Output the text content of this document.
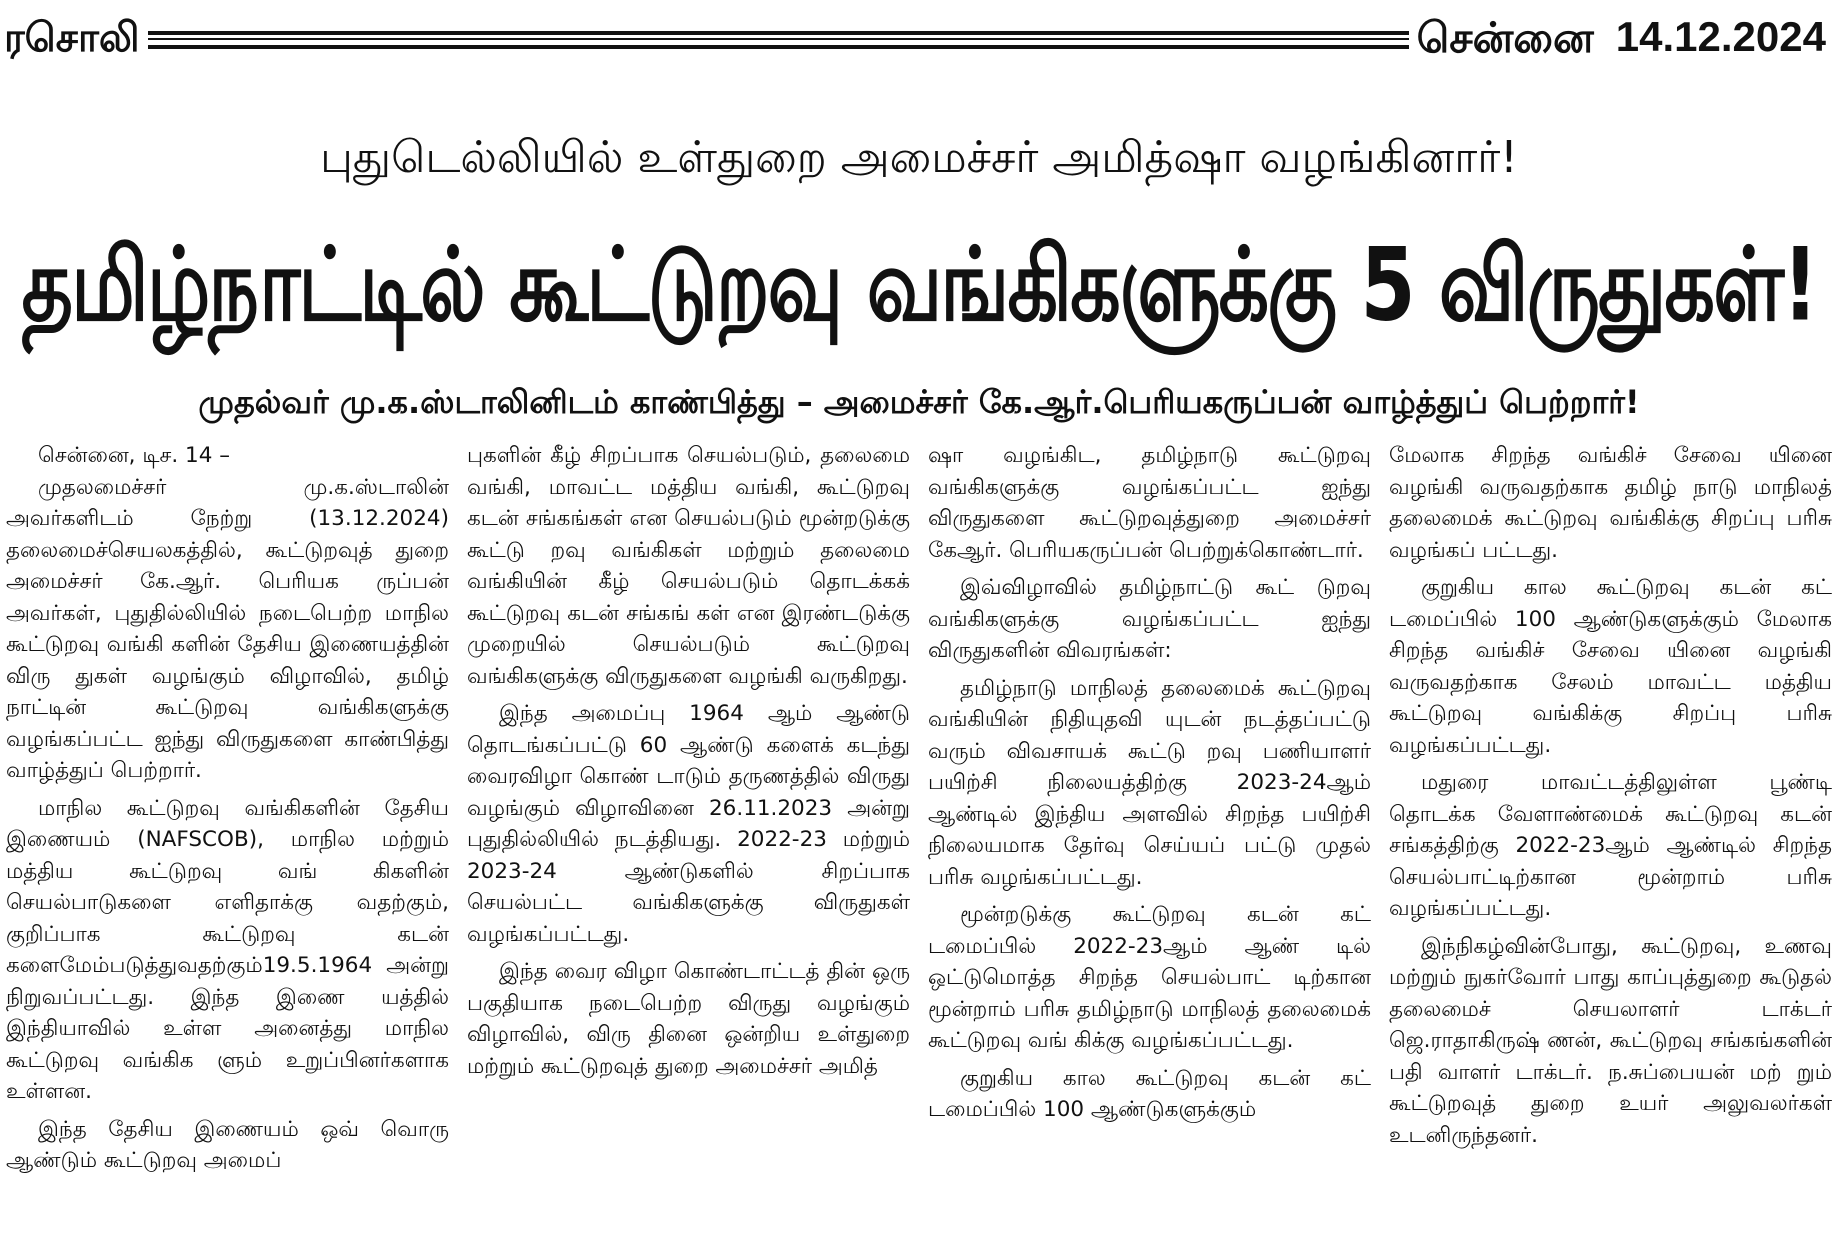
ரசொலி	சென்னை 14.12.2024
புதுடெல்லியில் உள்துறை அமைச்சர் அமித்ஷா வழங்கினார்!
தமிழ்நாட்டில் கூட்டுறவு வங்கிகளுக்கு 5 விருதுகள்!
முதல்வர் மு.க.ஸ்டாலினிடம் காண்பித்து – அமைச்சர் கே.ஆர்.பெரியகருப்பன் வாழ்த்துப் பெற்றார்!
சென்னை, டிச. 14 –

முதலமைச்சர் மு.க.ஸ்டாலின் அவர்களிடம் நேற்று (13.12.2024) தலைமைச்செயலகத்தில், கூட்டுறவுத் துறை அமைச்சர் கே.ஆர். பெரியக ருப்பன் அவர்கள், புதுதில்லியில் நடைபெற்ற மாநில கூட்டுறவு வங்கி களின் தேசிய இணையத்தின் விரு துகள் வழங்கும் விழாவில், தமிழ் நாட்டின் கூட்டுறவு வங்கிகளுக்கு வழங்கப்பட்ட ஐந்து விருதுகளை காண்பித்து வாழ்த்துப் பெற்றார்.

மாநில கூட்டுறவு வங்கிகளின் தேசிய இணையம் (NAFSCOB), மாநில மற்றும் மத்திய கூட்டுறவு வங் கிகளின் செயல்பாடுகளை எளிதாக்கு வதற்கும், குறிப்பாக கூட்டுறவு கடன் களைமேம்படுத்துவதற்கும்19.5.1964 அன்று நிறுவப்பட்டது. இந்த இணை யத்தில் இந்தியாவில் உள்ள அனைத்து மாநில கூட்டுறவு வங்கிக ளும் உறுப்பினர்களாக உள்ளன.

இந்த தேசிய இணையம் ஒவ் வொரு ஆண்டும் கூட்டுறவு அமைப்

புகளின் கீழ் சிறப்பாக செயல்படும், தலைமை வங்கி, மாவட்ட மத்திய வங்கி, கூட்டுறவு கடன் சங்கங்கள் என செயல்படும் மூன்றடுக்கு கூட்டு றவு வங்கிகள் மற்றும் தலைமை வங்கியின் கீழ் செயல்படும் தொடக்கக் கூட்டுறவு கடன் சங்கங் கள் என இரண்டடுக்கு முறையில் செயல்படும் கூட்டுறவு வங்கிகளுக்கு விருதுகளை வழங்கி வருகிறது.

இந்த அமைப்பு 1964 ஆம் ஆண்டு தொடங்கப்பட்டு 60 ஆண்டு களைக் கடந்து வைரவிழா கொண் டாடும் தருணத்தில் விருது வழங்கும் விழாவினை 26.11.2023 அன்று புதுதில்லியில் நடத்தியது. 2022-23 மற்றும் 2023-24 ஆண்டுகளில் சிறப்பாக செயல்பட்ட வங்கிகளுக்கு விருதுகள் வழங்கப்பட்டது.

இந்த வைர விழா கொண்டாட்டத் தின் ஒரு பகுதியாக நடைபெற்ற விருது வழங்கும் விழாவில், விரு தினை ஒன்றிய உள்துறை மற்றும் கூட்டுறவுத் துறை அமைச்சர் அமித்

ஷா வழங்கிட, தமிழ்நாடு கூட்டுறவு வங்கிகளுக்கு வழங்கப்பட்ட ஐந்து விருதுகளை கூட்டுறவுத்துறை அமைச்சர் கேஆர். பெரியகருப்பன் பெற்றுக்கொண்டார்.

இவ்விழாவில் தமிழ்நாட்டு கூட் டுறவு வங்கிகளுக்கு வழங்கப்பட்ட ஐந்து விருதுகளின் விவரங்கள்:

தமிழ்நாடு மாநிலத் தலைமைக் கூட்டுறவு வங்கியின் நிதியுதவி யுடன் நடத்தப்பட்டு வரும் விவசாயக் கூட்டு றவு பணியாளர் பயிற்சி நிலையத்திற்கு 2023-24ஆம் ஆண்டில் இந்திய அளவில் சிறந்த பயிற்சி நிலையமாக தேர்வு செய்யப் பட்டு முதல் பரிசு வழங்கப்பட்டது.

மூன்றடுக்கு கூட்டுறவு கடன் கட் டமைப்பில் 2022-23ஆம் ஆண் டில் ஒட்டுமொத்த சிறந்த செயல்பாட் டிற்கான மூன்றாம் பரிசு தமிழ்நாடு மாநிலத் தலைமைக் கூட்டுறவு வங் கிக்கு வழங்கப்பட்டது.

குறுகிய கால கூட்டுறவு கடன் கட் டமைப்பில் 100 ஆண்டுகளுக்கும்

மேலாக சிறந்த வங்கிச் சேவை யினை வழங்கி வருவதற்காக தமிழ் நாடு மாநிலத் தலைமைக் கூட்டுறவு வங்கிக்கு சிறப்பு பரிசு வழங்கப் பட்டது.

குறுகிய கால கூட்டுறவு கடன் கட் டமைப்பில் 100 ஆண்டுகளுக்கும் மேலாக சிறந்த வங்கிச் சேவை யினை வழங்கி வருவதற்காக சேலம் மாவட்ட மத்திய கூட்டுறவு வங்கிக்கு சிறப்பு பரிசு வழங்கப்பட்டது.

மதுரை மாவட்டத்திலுள்ள பூண்டி தொடக்க வேளாண்மைக் கூட்டுறவு கடன் சங்கத்திற்கு 2022-23ஆம் ஆண்டில் சிறந்த செயல்பாட்டிற்கான மூன்றாம் பரிசு வழங்கப்பட்டது.

இந்நிகழ்வின்போது, கூட்டுறவு, உணவு மற்றும் நுகர்வோர் பாது காப்புத்துறை கூடுதல் தலைமைச் செயலாளர் டாக்டர் ஜெ.ராதாகிருஷ் ணன், கூட்டுறவு சங்கங்களின் பதி வாளர் டாக்டர். ந.சுப்பையன் மற் றும் கூட்டுறவுத் துறை உயர் அலுவலர்கள் உடனிருந்தனர்.
